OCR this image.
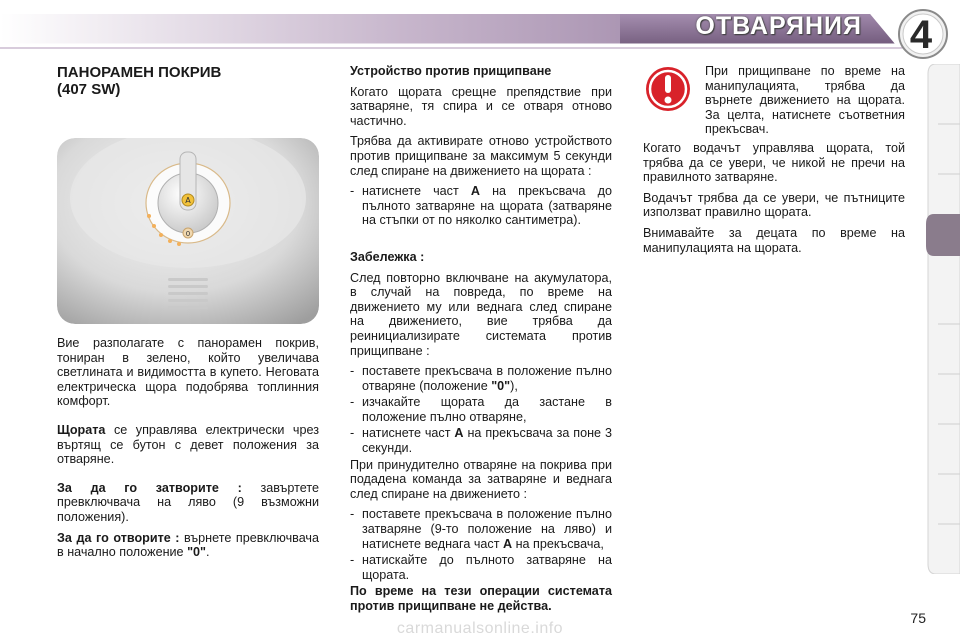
ОТВАРЯНИЯ	4
ПАНОРАМЕН ПОКРИВ
(407 SW)
A
0

Вие разполагате с панорамен покрив, тониран в зелено, който увеличава светлината и видимостта в купето. Неговата електрическа щора подобрява топлинния комфорт.

Щората се управлява електрически чрез въртящ се бутон с девет положения за отваряне.

За да го затворите : завъртете превключвача на ляво (9 възможни положения).

За да го отворите : върнете превключвача в начално положение "0".

Устройство против прищипване

Когато щората срещне препядствие при затваряне, тя спира и се отваря отново частично.

Трябва да активирате отново устройството против прищипване за максимум 5 секунди след спиране на движението на щората :

- натиснете част A на прекъсвача до пълното затваряне на щората (затваряне на стъпки от по няколко сантиметра).

Забележка :

След повторно включване на акумулатора, в случай на повреда, по време на движението му или веднага след спиране на движението, вие трябва да реинициализирате системата против прищипване :

- поставете прекъсвача в положение пълно отваряне (положение "0"),
- изчакайте щората да застане в положение пълно отваряне,
- натиснете част A на прекъсвача за поне 3 секунди.

При принудително отваряне на покрива при подадена команда за затваряне и веднага след спиране на движението :

- поставете прекъсвача в положение пълно затваряне (9-то положение на ляво) и натиснете веднага част A на прекъсвача,
- натискайте до пълното затваряне на щората.

По време на тези операции системата против прищипване не действа.

При прищипване по време на манипулацията, трябва да върнете движението на щората. За целта, натиснете съответния прекъсвач.

Когато водачът управлява щората, той трябва да се увери, че никой не пречи на правилното затваряне.

Водачът трябва да се увери, че пътниците използват правилно щората.

Внимавайте за децата по време на манипулацията на щората.

75
carmanualsonline.info
